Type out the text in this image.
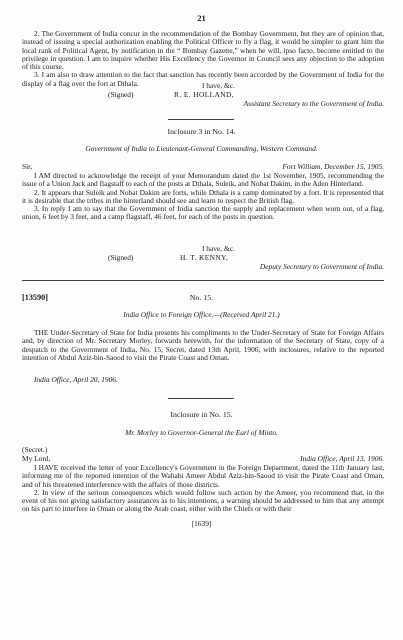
21

2. The Government of India concur in the recommendation of the Bombay Government, but they are of opinion that, instead of issuing a special authorization enabling the Political Officer to fly a flag, it would be simpler to grant him the local rank of Political Agent, by notification in the “ Bombay Gazette,” when he will, ipso facto, become entitled to the privilege in question. I am to inquire whether His Excellency the Governor in Council sees any objection to the adoption of this course.

3. I am also to draw attention to the fact that sanction has recently been accorded by the Government of India for the display of a flag over the fort at Dthala.	I have, &c.
(Signed)	R. E. HOLLAND,
Assistant Secretary to the Government of India.
Inclosure 3 in No. 14.
Government of India to Lieutenant-General Commanding, Western Command.
Sir,	Fort William, December 15, 1905.

I AM directed to acknowledge the receipt of your Memorandum dated the 1st November, 1905, recommending the issue of a Union Jack and flagstaff to each of the posts at Dthala, Suleik, and Nobat Dakim, in the Aden Hinterland.

2. It appears that Suleik and Nobat Dakim are forts, while Dthala is a camp dominated by a fort. It is represented that it is desirable that the tribes in the hinterland should see and learn to respect the British flag.

3. In reply I am to say that the Government of India sanction the supply and replacement when worn out, of a flag, union, 6 feet by 3 feet, and a camp flagstaff, 46 feet, for each of the posts in question.

I have, &c.
(Signed)	H. T. KENNY,
Deputy Secretary to Government of India.
[13590]	No. 15.
India Office to Foreign Office.—(Received April 21.)

THE Under-Secretary of State for India presents his compliments to the Under-Secretary of State for Foreign Affairs and, by direction of Mr. Secretary Morley, forwards herewith, for the information of the Secretary of State, copy of a despatch to the Government of India, No. 15, Secret, dated 13th April, 1906, with inclosures, relative to the reported intention of Abdul Aziz-bin-Saood to visit the Pirate Coast and Oman.

India Office, April 20, 1906.
Inclosure in No. 15.
Mr. Morley to Governor-General the Earl of Minto.
(Secret.)
My Lord,	India Office, April 13, 1906.

I HAVE received the letter of your Excellency's Government in the Foreign Department, dated the 11th January last, informing me of the reported intention of the Wahabi Ameer Abdul Aziz-bin-Saood to visit the Pirate Coast and Oman, and of his threatened interference with the affairs of those districts.

2. In view of the serious consequences which would follow such action by the Ameer, you recommend that, in the event of his not giving satisfactory assurances as to his intentions, a warning should be addressed to him that any attempt on his part to interfere in Oman or along the Arab coast, either with the Chiefs or with their

[1639]
